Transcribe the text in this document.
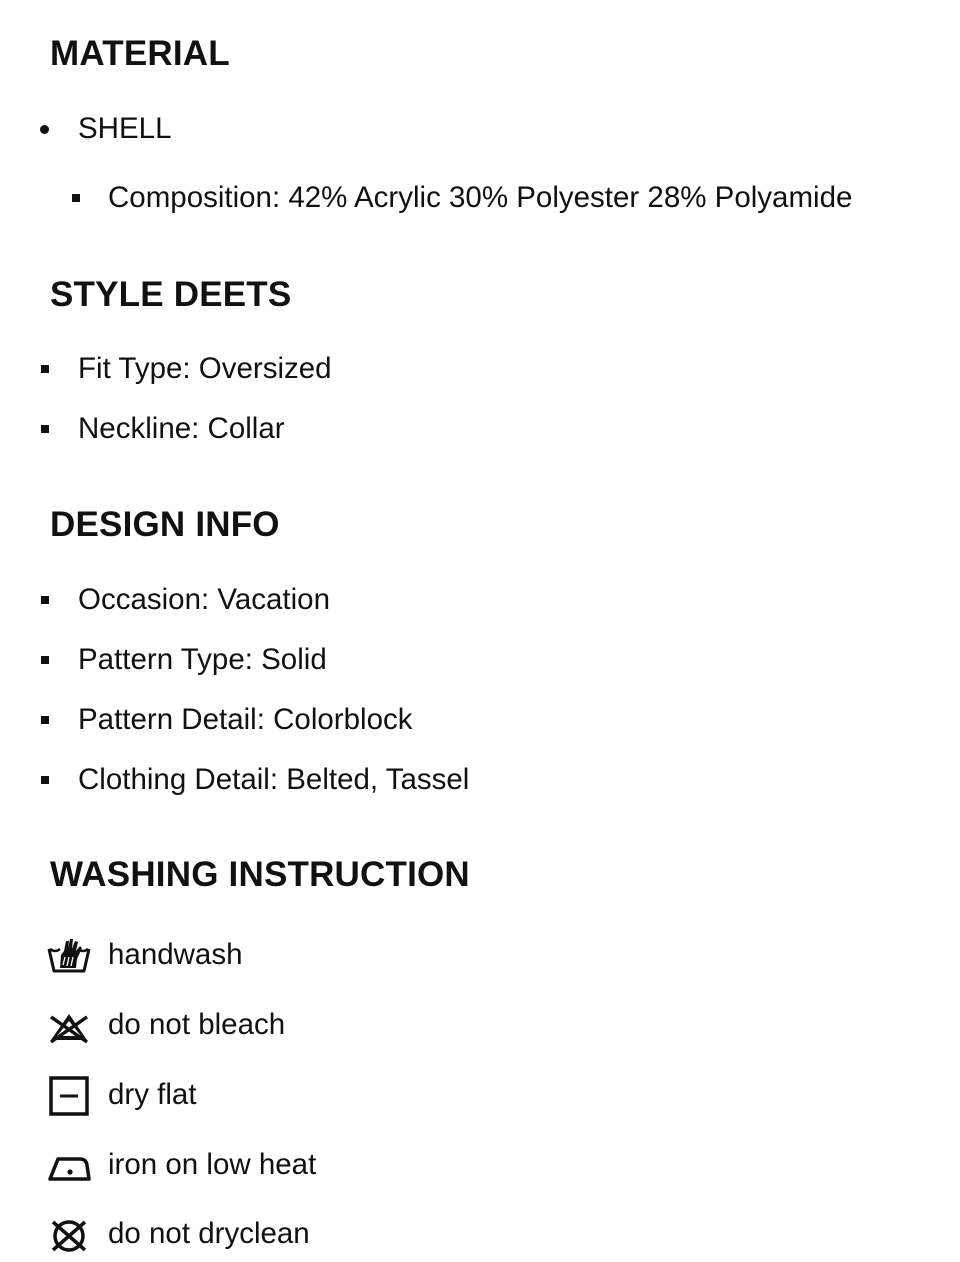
MATERIAL
SHELL
Composition: 42% Acrylic 30% Polyester 28% Polyamide
STYLE DEETS
Fit Type: Oversized
Neckline: Collar
DESIGN INFO
Occasion: Vacation
Pattern Type: Solid
Pattern Detail: Colorblock
Clothing Detail: Belted, Tassel
WASHING INSTRUCTION
handwash
do not bleach
dry flat
iron on low heat
do not dryclean
